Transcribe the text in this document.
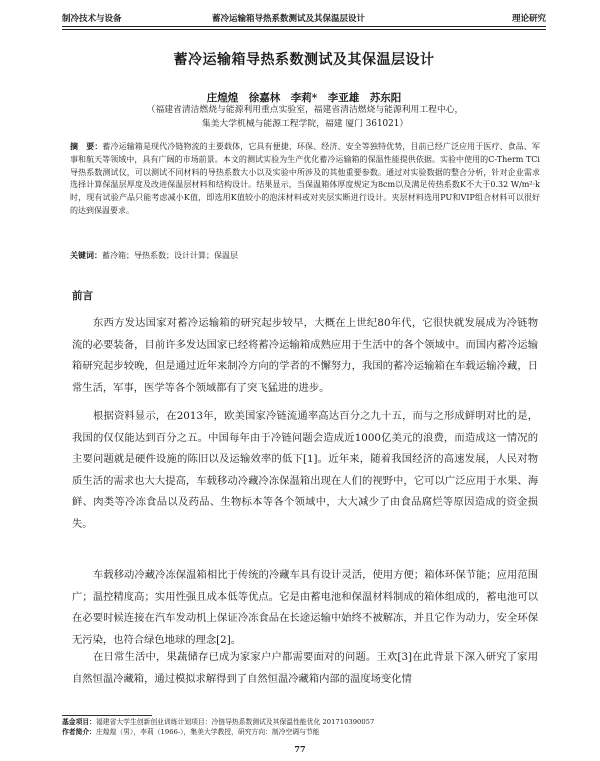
制冷技术与设备	蓄冷运输箱导热系数测试及其保温层设计	理论研究
蓄冷运输箱导热系数测试及其保温层设计
庄煌煌　徐嘉林　李莉*　李亚雄　苏东阳
（福建省清洁燃烧与能源利用重点实验室，福建省清洁燃烧与能源利用工程中心，
集美大学机械与能源工程学院，福建 厦门 361021）
摘　要：蓄冷运输箱是现代冷链物流的主要载体，它具有便捷、环保、经济、安全等独特优势，目前已经广泛应用于医疗、食品、军事和航天等领域中，具有广阔的市场前景。本文的测试实验为生产优化蓄冷运输箱的保温性能提供依据。实验中使用的C-Therm TCi导热系数测试仪，可以测试不同材料的导热系数大小以及实验中所涉及的其他重要参数。通过对实验数据的整合分析，针对企业需求选择计算保温层厚度及改进保温层材料和结构设计。结果显示，当保温箱体厚度规定为8cm以及满足传热系数K不大于0.32 W/m²·k时，现有试验产品只能考虑减小K值，即选用K值较小的泡沫材料或对夹层实断进行设计。夹层材料选用PU和VIP组合材料可以很好的达到保温要求。
关键词：蓄冷箱；导热系数；设计计算；保温层
前言
东西方发达国家对蓄冷运输箱的研究起步较早，大概在上世纪80年代，它很快就发展成为冷链物流的必要装备，目前许多发达国家已经将蓄冷运输箱成熟应用于生活中的各个领域中。而国内蓄冷运输箱研究起步较晚，但是通过近年来制冷方向的学者的不懈努力，我国的蓄冷运输箱在车载运输冷藏，日常生活，军事，医学等各个领域都有了突飞猛进的进步。
根据资料显示，在2013年，欧美国家冷链流通率高达百分之九十五，而与之形成鲜明对比的是，我国的仅仅能达到百分之五。中国每年由于冷链问题会造成近1000亿美元的浪费，而造成这一情况的主要问题就是硬件设施的陈旧以及运输效率的低下[1]。近年来，随着我国经济的高速发展，人民对物质生活的需求也大大提高，车载移动冷藏冷冻保温箱出现在人们的视野中，它可以广泛应用于水果、海鲜、肉类等冷冻食品以及药品、生物标本等各个领域中，大大减少了由食品腐烂等原因造成的资金损失。
车载移动冷藏冷冻保温箱相比于传统的冷藏车具有设计灵活，使用方便；箱体环保节能；应用范围广；温控精度高；实用性强且成本低等优点。它是由蓄电池和保温材料制成的箱体组成的，蓄电池可以在必要时候连接在汽车发动机上保证冷冻食品在长途运输中始终不被解冻，并且它作为动力，安全环保无污染，也符合绿色地球的理念[2]。
在日常生活中，果蔬储存已成为家家户户都需要面对的问题。王欢[3]在此背景下深入研究了家用自然恒温冷藏箱，通过模拟求解得到了自然恒温冷藏箱内部的温度场变化情
基金项目：福建省大学生创新创业训练计划项目：冷链导热系数测试及其保温性能优化 201710390057
作者简介：庄煌煌（男），李莉（1966-），集美大学教授，研究方向：制冷空调与节能
77
